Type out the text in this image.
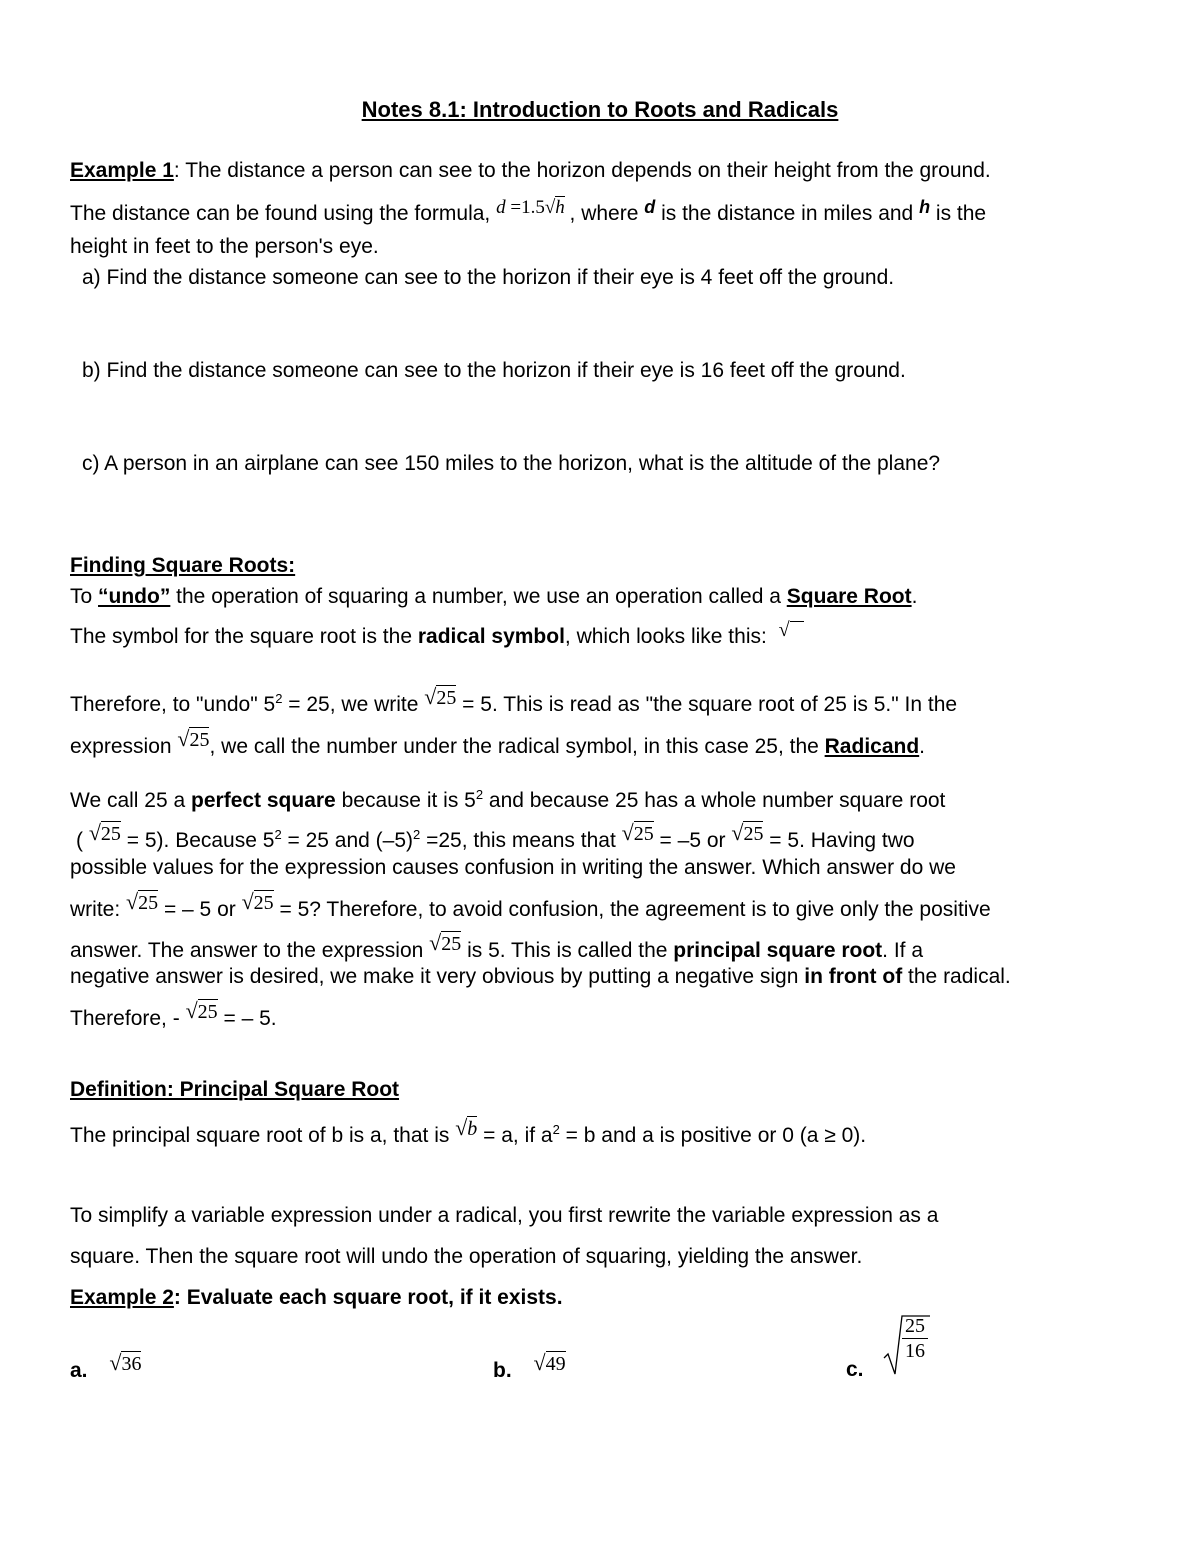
Notes 8.1: Introduction to Roots and Radicals
Example 1: The distance a person can see to the horizon depends on their height from the ground.
The distance can be found using the formula, d =1.5√h , where d is the distance in miles and h is the
height in feet to the person's eye.
a) Find the distance someone can see to the horizon if their eye is 4 feet off the ground.
b) Find the distance someone can see to the horizon if their eye is 16 feet off the ground.
c) A person in an airplane can see 150 miles to the horizon, what is the altitude of the plane?
Finding Square Roots:
To “undo” the operation of squaring a number, we use an operation called a Square Root.
The symbol for the square root is the radical symbol, which looks like this: √
Therefore, to "undo" $5^2 = 25$, we write √25 = 5. This is read as "the square root of 25 is 5." In the
expression √25, we call the number under the radical symbol, in this case 25, the Radicand.
We call 25 a perfect square because it is $5^2$ and because 25 has a whole number square root
( √25 = 5). Because $5^2 = 25$ and $(-5)^2 =25$, this means that √25 = –5 or √25 = 5. Having two
possible values for the expression causes confusion in writing the answer. Which answer do we
write: √25 = – 5 or √25 = 5? Therefore, to avoid confusion, the agreement is to give only the positive
answer. The answer to the expression √25 is 5. This is called the principal square root. If a
negative answer is desired, we make it very obvious by putting a negative sign in front of the radical.
Therefore, - √25 = – 5.
Definition: Principal Square Root
The principal square root of b is a, that is √b = a, if $a^2 = b$ and a is positive or 0 (a ≥ 0).
To simplify a variable expression under a radical, you first rewrite the variable expression as a
square. Then the square root will undo the operation of squaring, yielding the answer.
Example 2: Evaluate each square root, if it exists.
a. √36	b. √49	c.
25
16
